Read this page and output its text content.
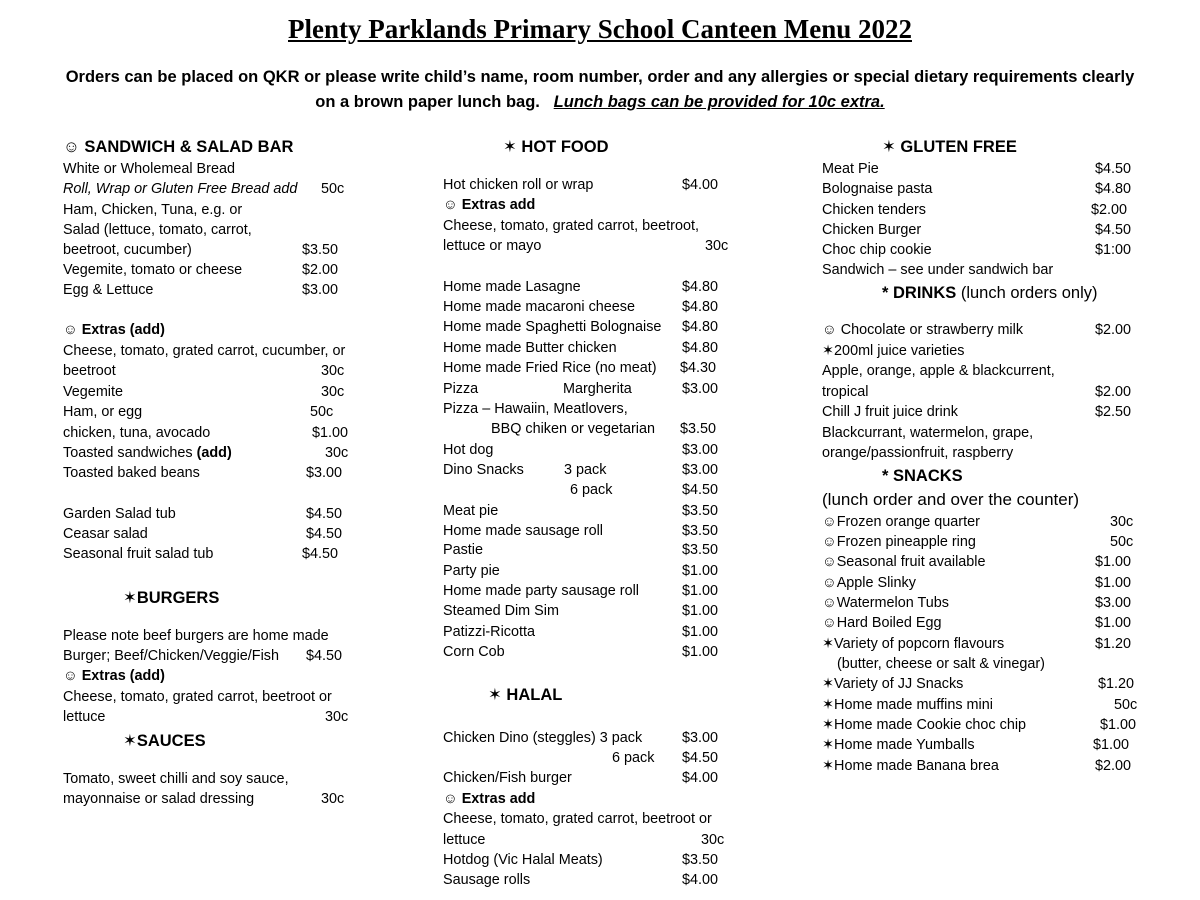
Plenty Parklands Primary School Canteen Menu 2022
Orders can be placed on QKR or please write child’s name, room number, order and any allergies or special dietary requirements clearly
on a brown paper lunch bag. Lunch bags can be provided for 10c extra.
☺ SANDWICH & SALAD BAR
White or Wholemeal Bread
Roll, Wrap or Gluten Free Bread add 50c
Ham, Chicken, Tuna, e.g. or
Salad (lettuce, tomato, carrot,
beetroot, cucumber)	$3.50
Vegemite, tomato or cheese	$2.00
Egg & Lettuce	$3.00
☺ Extras (add)
Cheese, tomato, grated carrot, cucumber, or
beetroot	30c
Vegemite	30c
Ham, or egg	50c
chicken, tuna, avocado	$1.00
Toasted sandwiches (add)	30c
Toasted baked beans	$3.00
Garden Salad tub	$4.50
Ceasar salad	$4.50
Seasonal fruit salad tub	$4.50
✶BURGERS
Please note beef burgers are home made
Burger; Beef/Chicken/Veggie/Fish $4.50
☺ Extras (add)
Cheese, tomato, grated carrot, beetroot or
lettuce	30c
✶SAUCES
Tomato, sweet chilli and soy sauce,
mayonnaise or salad dressing	30c
✶ HOT FOOD
Hot chicken roll or wrap	$4.00
☺ Extras add
Cheese, tomato, grated carrot, beetroot,
lettuce or mayo	30c
Home made Lasagne	$4.80
Home made macaroni cheese	$4.80
Home made Spaghetti Bolognaise $4.80
Home made Butter chicken	$4.80
Home made Fried Rice (no meat) $4.30
Pizza	Margherita	$3.00
Pizza – Hawaiin, Meatlovers,
BBQ chiken or vegetarian $3.50
Hot dog	$3.00
Dino Snacks	3 pack	$3.00
6 pack	$4.50
Meat pie	$3.50
Home made sausage roll	$3.50
Pastie	$3.50
Party pie	$1.00
Home made party sausage roll	$1.00
Steamed Dim Sim	$1.00
Patizzi-Ricotta	$1.00
Corn Cob	$1.00
✶ HALAL
Chicken Dino (steggles) 3 pack	$3.00
6 pack $4.50
Chicken/Fish burger	$4.00
☺ Extras add
Cheese, tomato, grated carrot, beetroot or
lettuce	30c
Hotdog (Vic Halal Meats)	$3.50
Sausage rolls	$4.00
✶ GLUTEN FREE
Meat Pie	$4.50
Bolognaise pasta	$4.80
Chicken tenders	$2.00
Chicken Burger	$4.50
Choc chip cookie	$1:00
Sandwich – see under sandwich bar
* DRINKS (lunch orders only)
☺ Chocolate or strawberry milk	$2.00
✶200ml juice varieties
Apple, orange, apple & blackcurrent,
tropical	$2.00
Chill J fruit juice drink	$2.50
Blackcurrant, watermelon, grape,
orange/passionfruit, raspberry
* SNACKS
(lunch order and over the counter)
☺Frozen orange quarter	30c
☺Frozen pineapple ring	50c
☺Seasonal fruit available	$1.00
☺Apple Slinky	$1.00
☺Watermelon Tubs	$3.00
☺Hard Boiled Egg	$1.00
✶Variety of popcorn flavours	$1.20
(butter, cheese or salt & vinegar)
✶Variety of JJ Snacks	$1.20
✶Home made muffins mini	50c
✶Home made Cookie choc chip	$1.00
✶Home made Yumballs	$1.00
✶Home made Banana brea	$2.00
